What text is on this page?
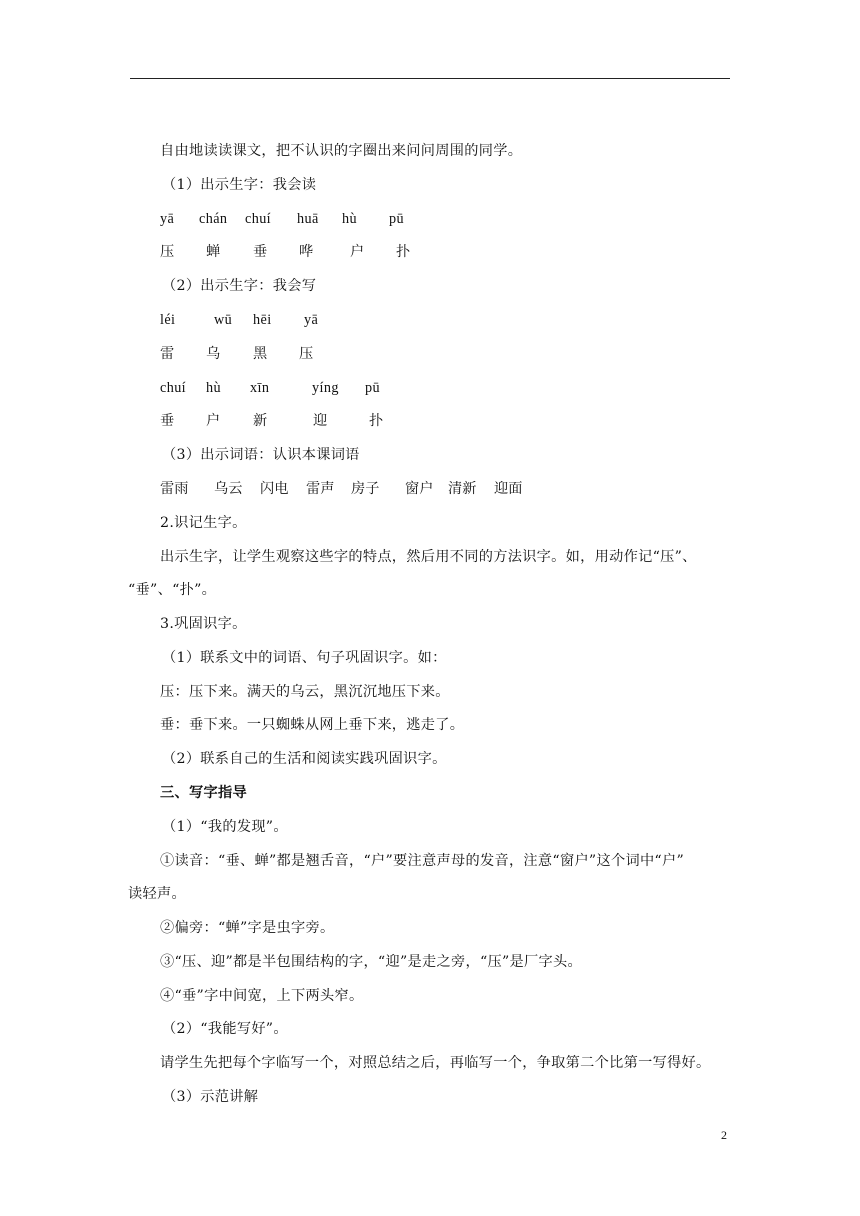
自由地读读课文，把不认识的字圈出来问问周围的同学。
（1）出示生字：我会读
yā chán chuí huā hù pū
压 蝉 垂 哗	户 扑
（2）出示生字：我会写
léi	wū hēi yā
雷 乌 黑 压
chuí hù xīn	yíng pū
垂 户 新	迎	扑
（3）出示词语：认识本课词语
雷雨 乌云 闪电 雷声 房子 窗户 清新 迎面
2.识记生字。
出示生字，让学生观察这些字的特点，然后用不同的方法识字。如，用动作记“压”、
“垂”、“扑”。
3.巩固识字。
（1）联系文中的词语、句子巩固识字。如：
压：压下来。满天的乌云，黑沉沉地压下来。
垂：垂下来。一只蜘蛛从网上垂下来，逃走了。
（2）联系自己的生活和阅读实践巩固识字。
三、写字指导
（1）“我的发现”。
①读音：“垂、蝉”都是翘舌音，“户”要注意声母的发音，注意“窗户”这个词中“户”
读轻声。
②偏旁：“蝉”字是虫字旁。
③“压、迎”都是半包围结构的字，“迎”是走之旁，“压”是厂字头。
④“垂”字中间宽，上下两头窄。
（2）“我能写好”。
请学生先把每个字临写一个，对照总结之后，再临写一个，争取第二个比第一写得好。
（3）示范讲解
2
